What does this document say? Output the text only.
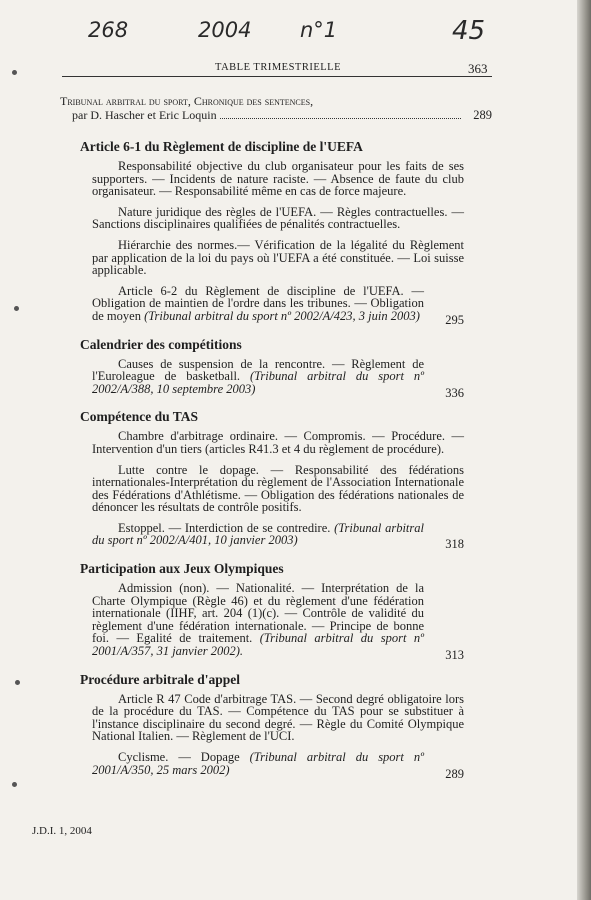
268	2004 n°1	45
TABLE TRIMESTRIELLE	363
Tribunal arbitral du sport, Chronique des sentences,
par D. Hascher et Eric Loquin	289
Article 6-1 du Règlement de discipline de l'UEFA
Responsabilité objective du club organisateur pour les faits de ses supporters. — Incidents de nature raciste. — Absence de faute du club organisateur. — Responsabilité même en cas de force majeure.
Nature juridique des règles de l'UEFA. — Règles contractuelles. — Sanctions disciplinaires qualifiées de pénalités contractuelles.
Hiérarchie des normes.— Vérification de la légalité du Règlement par application de la loi du pays où l'UEFA a été constituée. — Loi suisse applicable.
Article 6-2 du Règlement de discipline de l'UEFA. — Obligation de maintien de l'ordre dans les tribunes. — Obligation de moyen (Tribunal arbitral du sport nº 2002/A/423, 3 juin 2003)	295
Calendrier des compétitions
Causes de suspension de la rencontre. — Règlement de l'Euroleague de basketball. (Tribunal arbitral du sport nº 2002/A/388, 10 septembre 2003)	336
Compétence du TAS
Chambre d'arbitrage ordinaire. — Compromis. — Procédure. — Intervention d'un tiers (articles R41.3 et 4 du règlement de procédure).
Lutte contre le dopage. — Responsabilité des fédérations internationales-Interprétation du règlement de l'Association Internationale des Fédérations d'Athlétisme. — Obligation des fédérations nationales de dénoncer les résultats de contrôle positifs.
Estoppel. — Interdiction de se contredire. (Tribunal arbitral du sport nº 2002/A/401, 10 janvier 2003)	318
Participation aux Jeux Olympiques
Admission (non). — Nationalité. — Interprétation de la Charte Olympique (Règle 46) et du règlement d'une fédération internationale (IIHF, art. 204 (1)(c). — Contrôle de validité du règlement d'une fédération internationale. — Principe de bonne foi. — Egalité de traitement. (Tribunal arbitral du sport nº 2001/A/357, 31 janvier 2002).	313
Procédure arbitrale d'appel
Article R 47 Code d'arbitrage TAS. — Second degré obligatoire lors de la procédure du TAS. — Compétence du TAS pour se substituer à l'instance disciplinaire du second degré. — Règle du Comité Olympique National Italien. — Règlement de l'UCI.
Cyclisme. — Dopage (Tribunal arbitral du sport nº 2001/A/350, 25 mars 2002)	289
J.D.I. 1, 2004
